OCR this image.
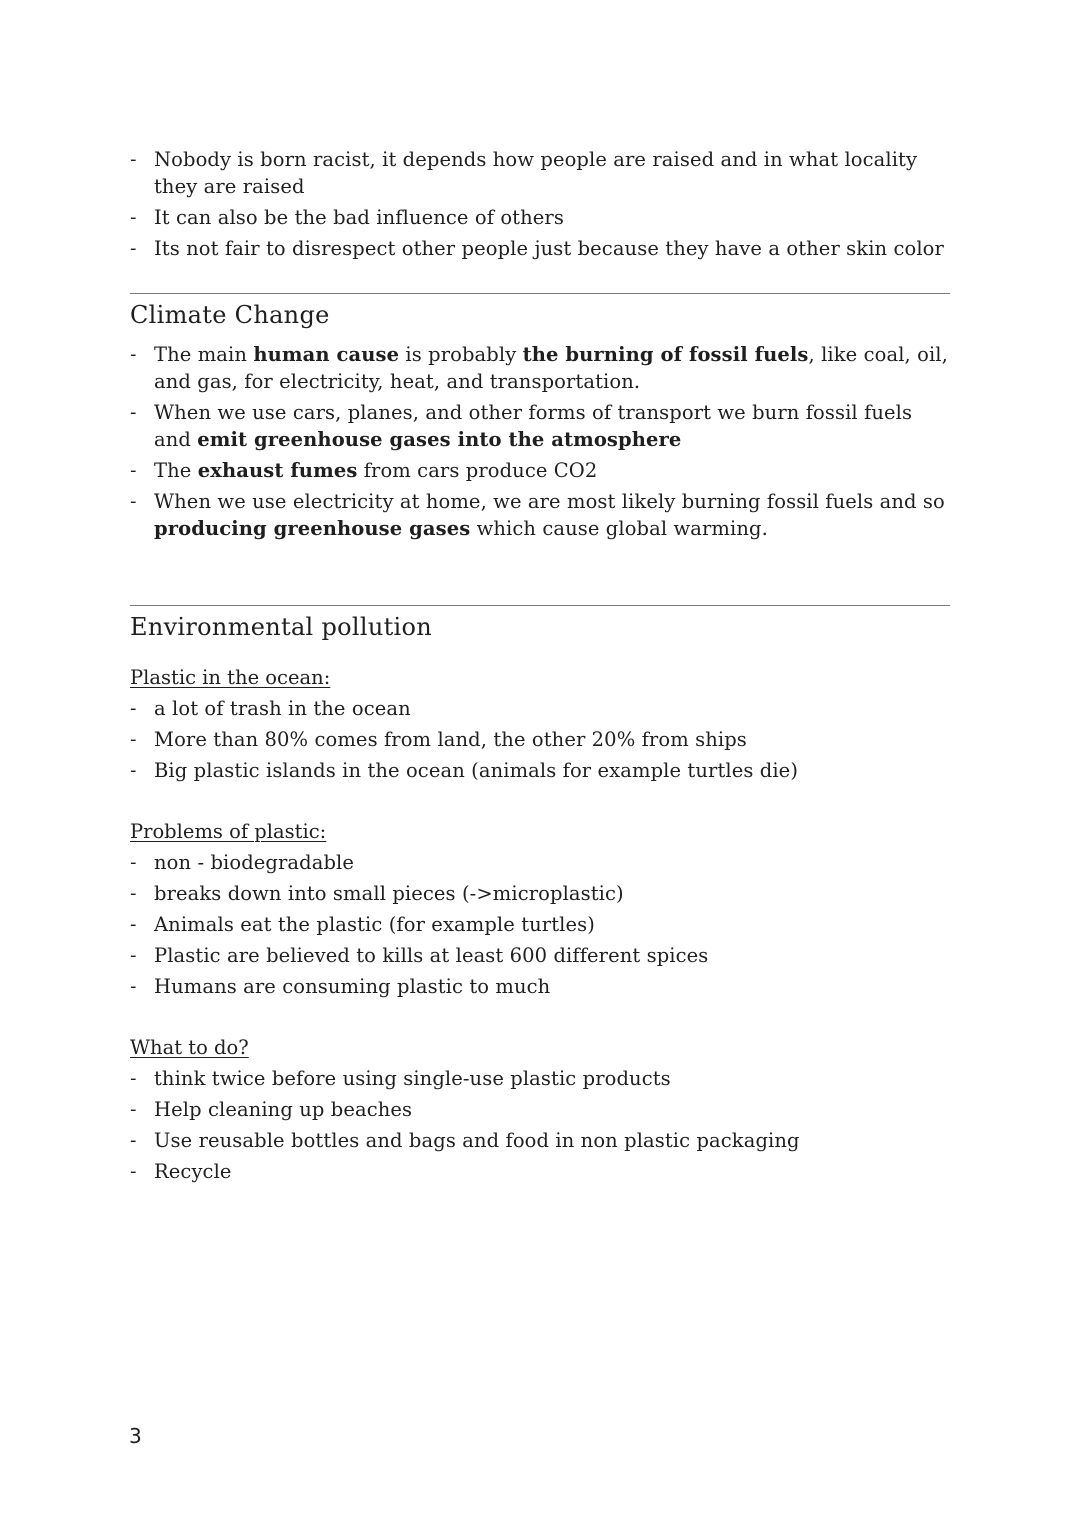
- Nobody is born racist, it depends how people are raised and in what locality they are raised
- It can also be the bad influence of others
- Its not fair to disrespect other people just because they have a other skin color
Climate Change
- The main human cause is probably the burning of fossil fuels, like coal, oil, and gas, for electricity, heat, and transportation.
- When we use cars, planes, and other forms of transport we burn fossil fuels and emit greenhouse gases into the atmosphere
- The exhaust fumes from cars produce CO2
- When we use electricity at home, we are most likely burning fossil fuels and so producing greenhouse gases which cause global warming.
Environmental pollution
Plastic in the ocean:
- a lot of trash in the ocean
- More than 80% comes from land, the other 20% from ships
- Big plastic islands in the ocean (animals for example turtles die)
Problems of plastic:
- non - biodegradable
- breaks down into small pieces (->microplastic)
- Animals eat the plastic (for example turtles)
- Plastic are believed to kills at least 600 different spices
- Humans are consuming plastic to much
What to do?
- think twice before using single-use plastic products
- Help cleaning up beaches
- Use reusable bottles and bags and food in non plastic packaging
- Recycle
3
